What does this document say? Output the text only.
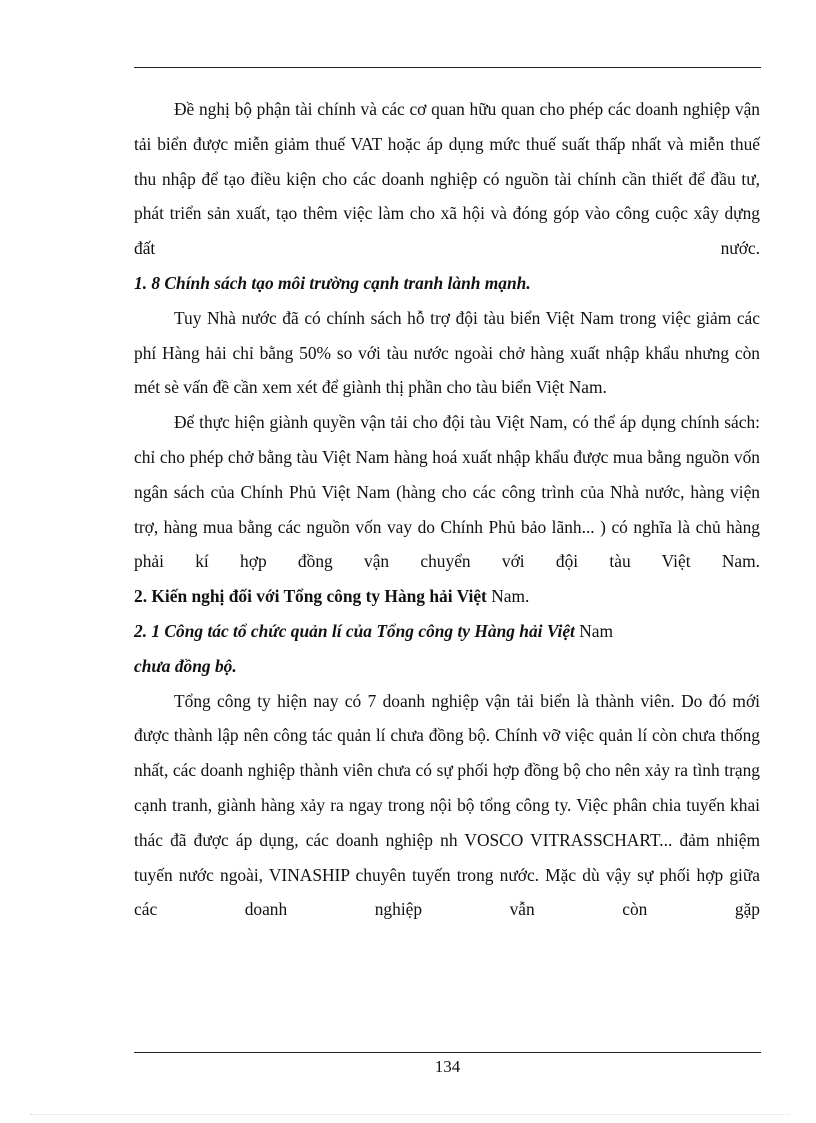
Đề nghị bộ phận tài chính và các cơ quan hữu quan cho phép các doanh nghiệp vận tải biển được miễn giảm thuế VAT hoặc áp dụng mức thuế suất thấp nhất và miễn thuế thu nhập để tạo điều kiện cho các doanh nghiệp có nguồn tài chính cần thiết để đầu tư, phát triển sản xuất, tạo thêm việc làm cho xã hội và đóng góp vào công cuộc xây dựng đất nước.

1. 8 Chính sách tạo môi trường cạnh tranh lành mạnh.

Tuy Nhà nước đã có chính sách hỗ trợ đội tàu biển Việt Nam trong việc giảm các phí Hàng hải chỉ bằng 50% so với tàu nước ngoài chở hàng xuất nhập khẩu nhưng còn mét sè vấn đề cần xem xét để giành thị phần cho tàu biển Việt Nam.

Để thực hiện giành quyền vận tải cho đội tàu Việt Nam, có thể áp dụng chính sách: chỉ cho phép chở bằng tàu Việt Nam hàng hoá xuất nhập khẩu được mua bằng nguồn vốn ngân sách của Chính Phủ Việt Nam (hàng cho các công trình của Nhà nước, hàng viện trợ, hàng mua bằng các nguồn vốn vay do Chính Phủ bảo lãnh... ) có nghĩa là chủ hàng phải kí hợp đồng vận chuyển với đội tàu Việt Nam.

2. Kiến nghị đối với Tổng công ty Hàng hải Việt Nam.

2. 1 Công tác tổ chức quản lí của Tổng công ty Hàng hải Việt Nam

chưa đồng bộ.

Tổng công ty hiện nay có 7 doanh nghiệp vận tải biển là thành viên. Do đó mới được thành lập nên công tác quản lí chưa đồng bộ. Chính vỡ việc quản lí còn chưa thống nhất, các doanh nghiệp thành viên chưa có sự phối hợp đồng bộ cho nên xảy ra tình trạng cạnh tranh, giành hàng xảy ra ngay trong nội bộ tổng công ty. Việc phân chia tuyến khai thác đã được áp dụng, các doanh nghiệp nh VOSCO VITRASSCHART... đảm nhiệm tuyến nước ngoài, VINASHIP chuyên tuyến trong nước. Mặc dù vậy sự phối hợp giữa các doanh nghiệp vẫn còn gặp

134
